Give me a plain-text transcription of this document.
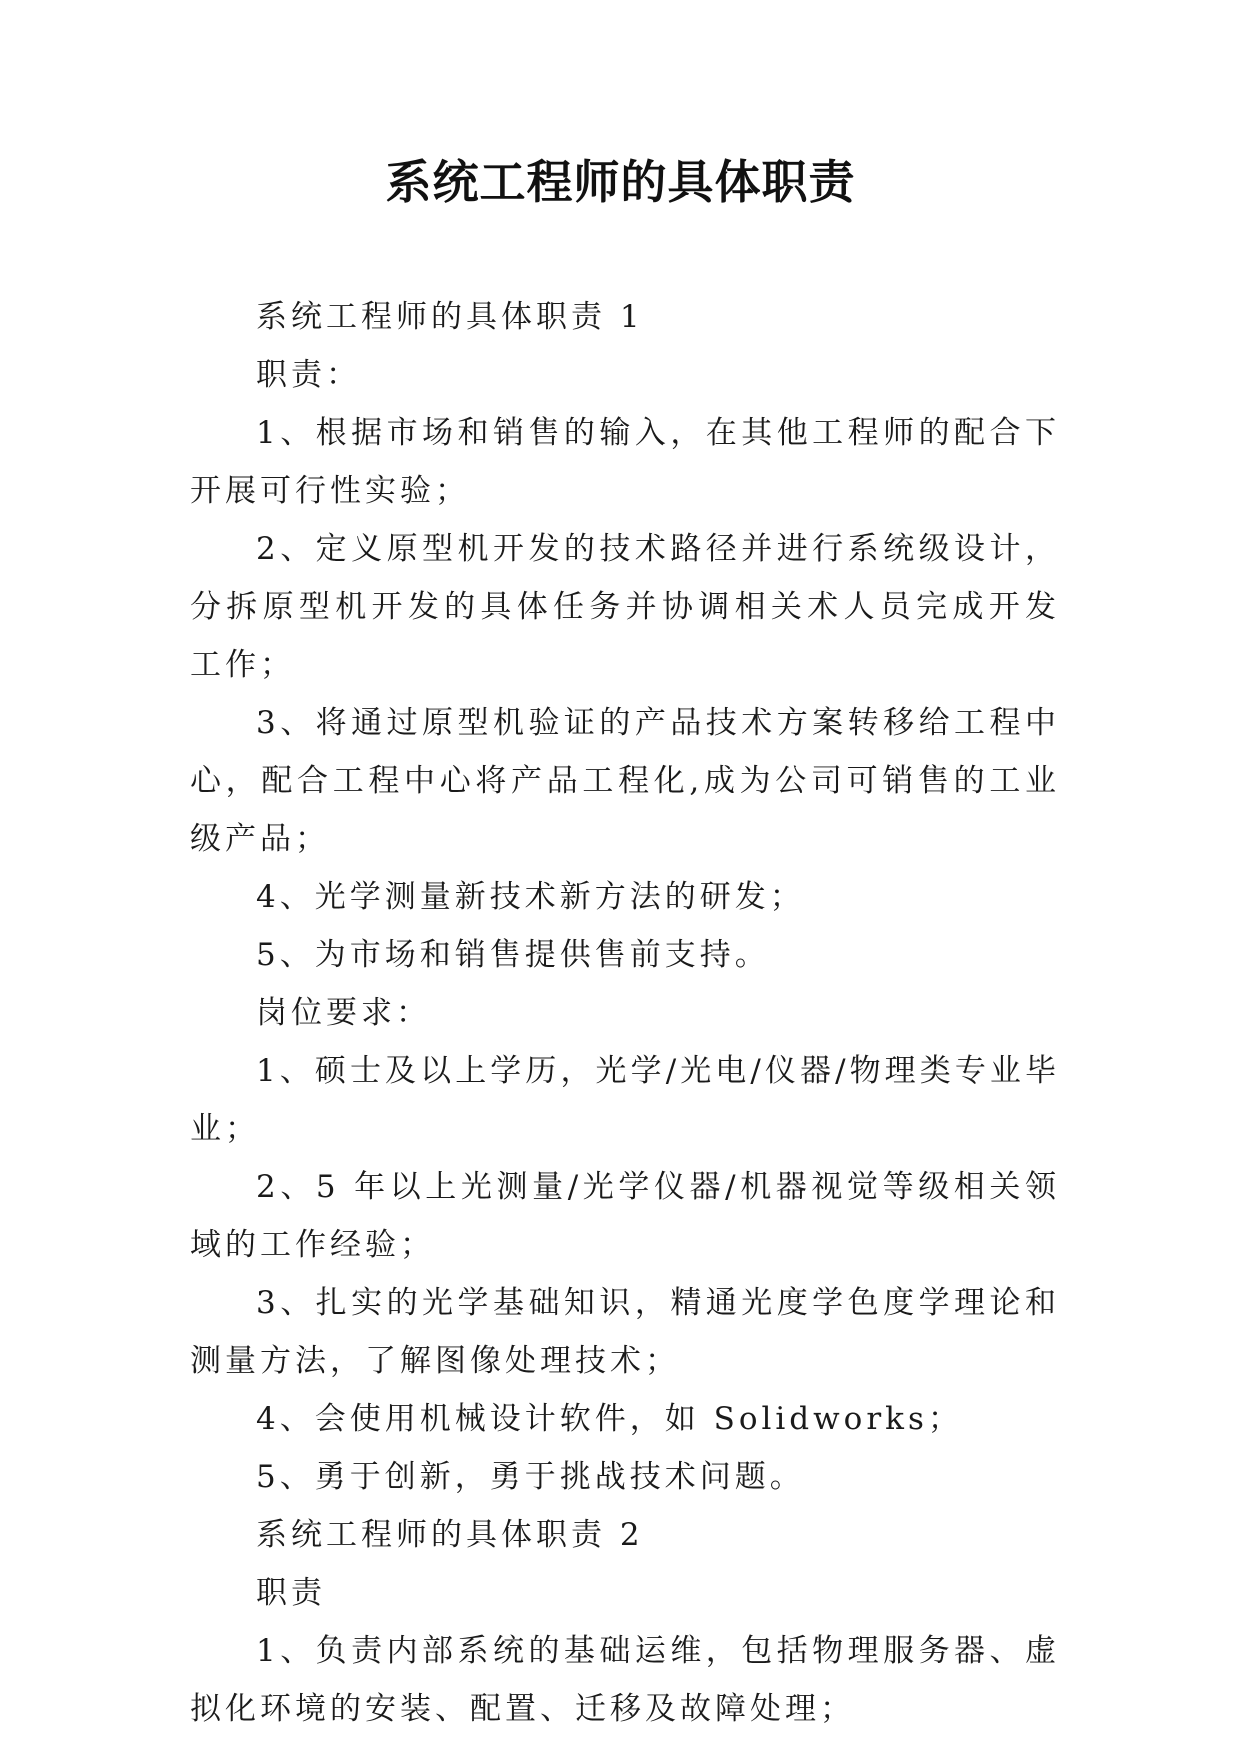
系统工程师的具体职责

系统工程师的具体职责 1

职责：

1、根据市场和销售的输入，在其他工程师的配合下开展可行性实验；

2、定义原型机开发的技术路径并进行系统级设计，分拆原型机开发的具体任务并协调相关术人员完成开发工作；

3、将通过原型机验证的产品技术方案转移给工程中心，配合工程中心将产品工程化,成为公司可销售的工业级产品；

4、光学测量新技术新方法的研发；

5、为市场和销售提供售前支持。

岗位要求：

1、硕士及以上学历，光学/光电/仪器/物理类专业毕业；

2、5 年以上光测量/光学仪器/机器视觉等级相关领域的工作经验；

3、扎实的光学基础知识，精通光度学色度学理论和测量方法，了解图像处理技术；

4、会使用机械设计软件，如 Solidworks；

5、勇于创新，勇于挑战技术问题。

系统工程师的具体职责 2

职责

1、负责内部系统的基础运维，包括物理服务器、虚拟化环境的安装、配置、迁移及故障处理；
